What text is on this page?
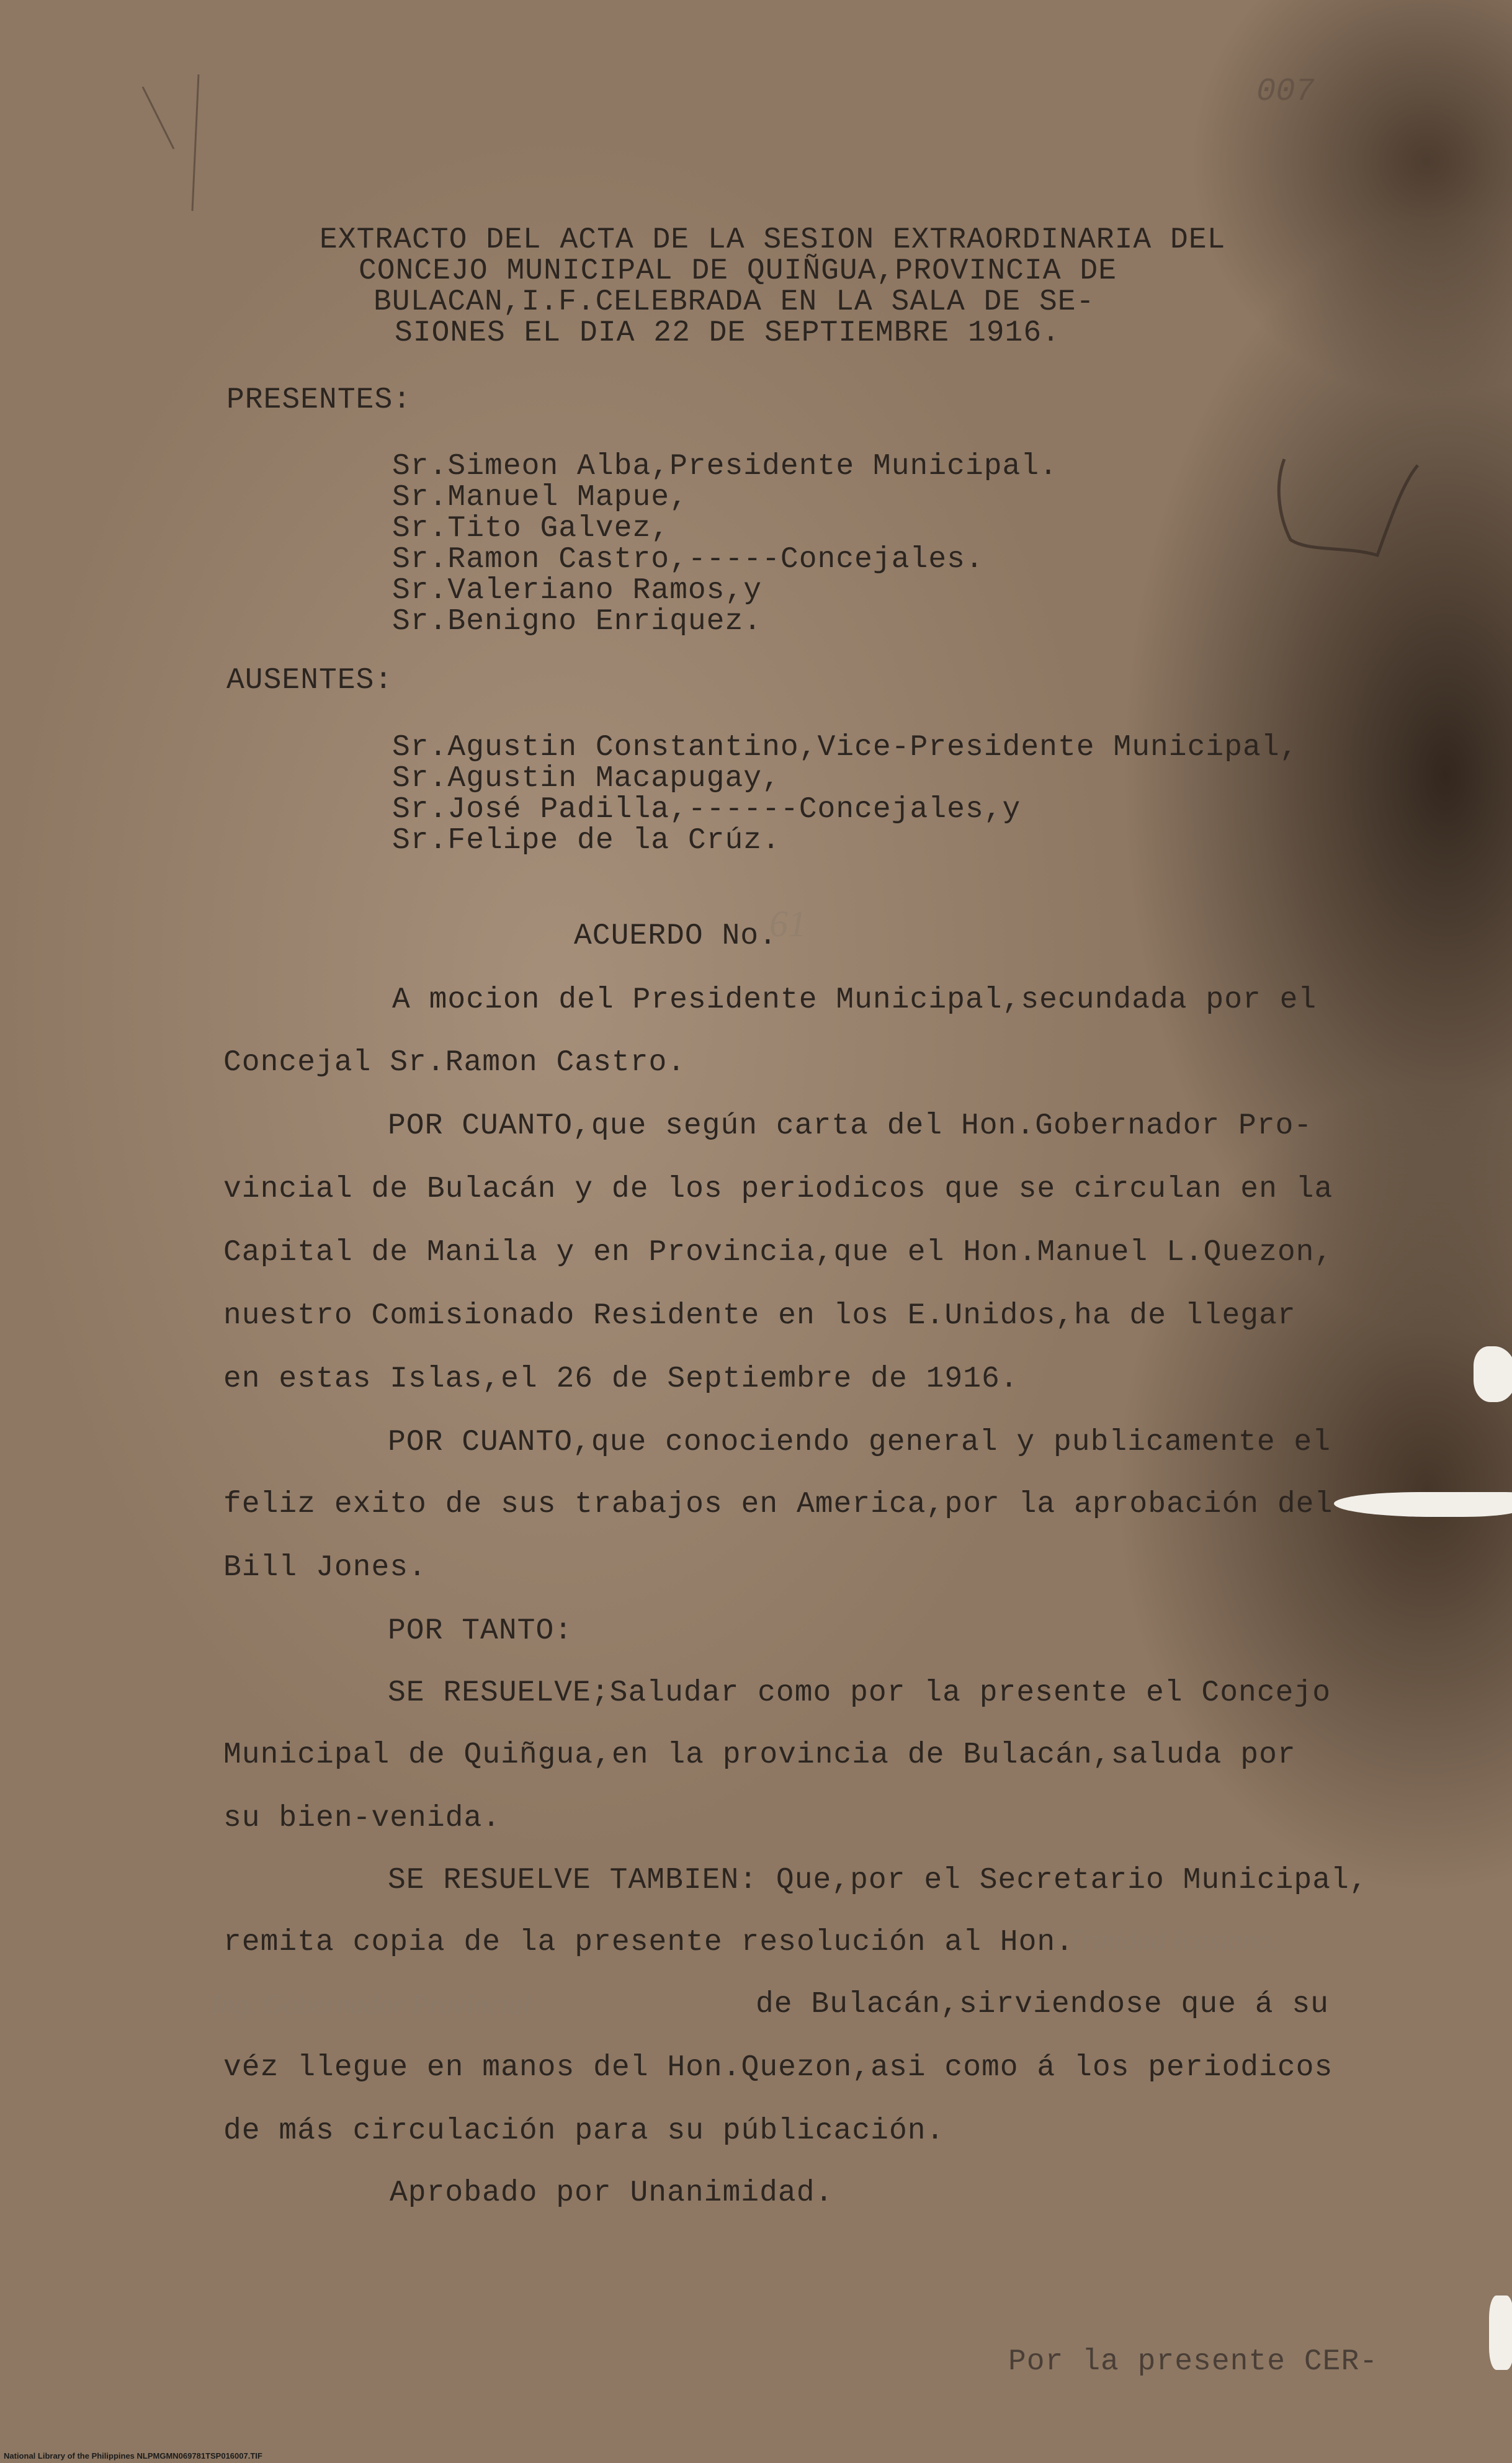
007
EXTRACTO DEL ACTA DE LA SESION EXTRAORDINARIA DEL
CONCEJO MUNICIPAL DE QUIÑGUA,PROVINCIA DE
BULACAN,I.F.CELEBRADA EN LA SALA DE SE-
SIONES EL DIA 22 DE SEPTIEMBRE 1916.
PRESENTES:
Sr.Simeon Alba,Presidente Municipal.
Sr.Manuel Mapue,
Sr.Tito Galvez,
Sr.Ramon Castro,-----Concejales.
Sr.Valeriano Ramos,y
Sr.Benigno Enriquez.
AUSENTES:
Sr.Agustin Constantino,Vice-Presidente Municipal,
Sr.Agustin Macapugay,
Sr.José Padilla,------Concejales,y
Sr.Felipe de la Crúz.
ACUERDO No.
61
A mocion del Presidente Municipal,secundada por el
Concejal Sr.Ramon Castro.
POR CUANTO,que según carta del Hon.Gobernador Pro-
vincial de Bulacán y de los periodicos que se circulan en la
Capital de Manila y en Provincia,que el Hon.Manuel L.Quezon,
nuestro Comisionado Residente en los E.Unidos,ha de llegar
en estas Islas,el 26 de Septiembre de 1916.
POR CUANTO,que conociendo general y publicamente el
feliz exito de sus trabajos en America,por la aprobación del
Bill Jones.
POR TANTO:
SE RESUELVE;Saludar como por la presente el Concejo
Municipal de Quiñgua,en la provincia de Bulacán,saluda por
su bien-venida.
SE RESUELVE TAMBIEN: Que,por el Secretario Municipal,
remita copia de la presente resolución al Hon.
Trinidad Icasiano,
Ing. Gobernador Provincial	de Bulacán,sirviendose que á su
véz llegue en manos del Hon.Quezon,asi como á los periodicos
de más circulación para su públicación.
Aprobado por Unanimidad.
Por la presente CER-
National Library of the Philippines NLPMGMN069781TSP016007.TIF
